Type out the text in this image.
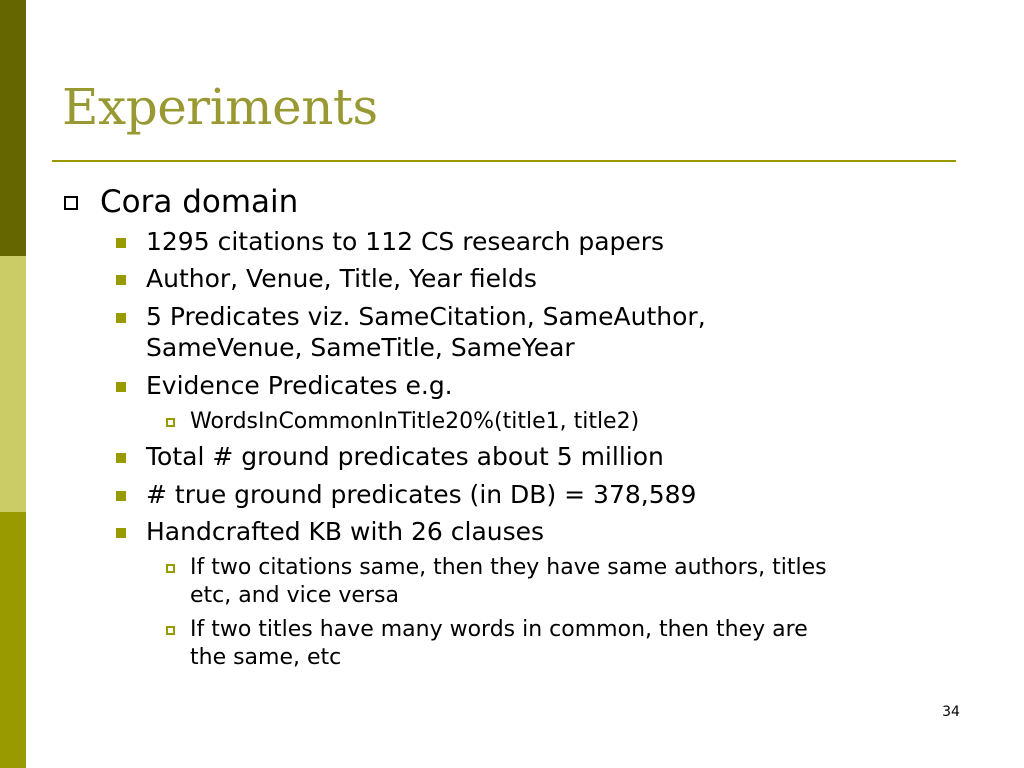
Experiments
Cora domain
1295 citations to 112 CS research papers
Author, Venue, Title, Year fields
5 Predicates viz. SameCitation, SameAuthor,
SameVenue, SameTitle, SameYear
Evidence Predicates e.g.
WordsInCommonInTitle20%(title1, title2)
Total # ground predicates about 5 million
# true ground predicates (in DB) = 378,589
Handcrafted KB with 26 clauses
If two citations same, then they have same authors, titles
etc, and vice versa
If two titles have many words in common, then they are
the same, etc
34
